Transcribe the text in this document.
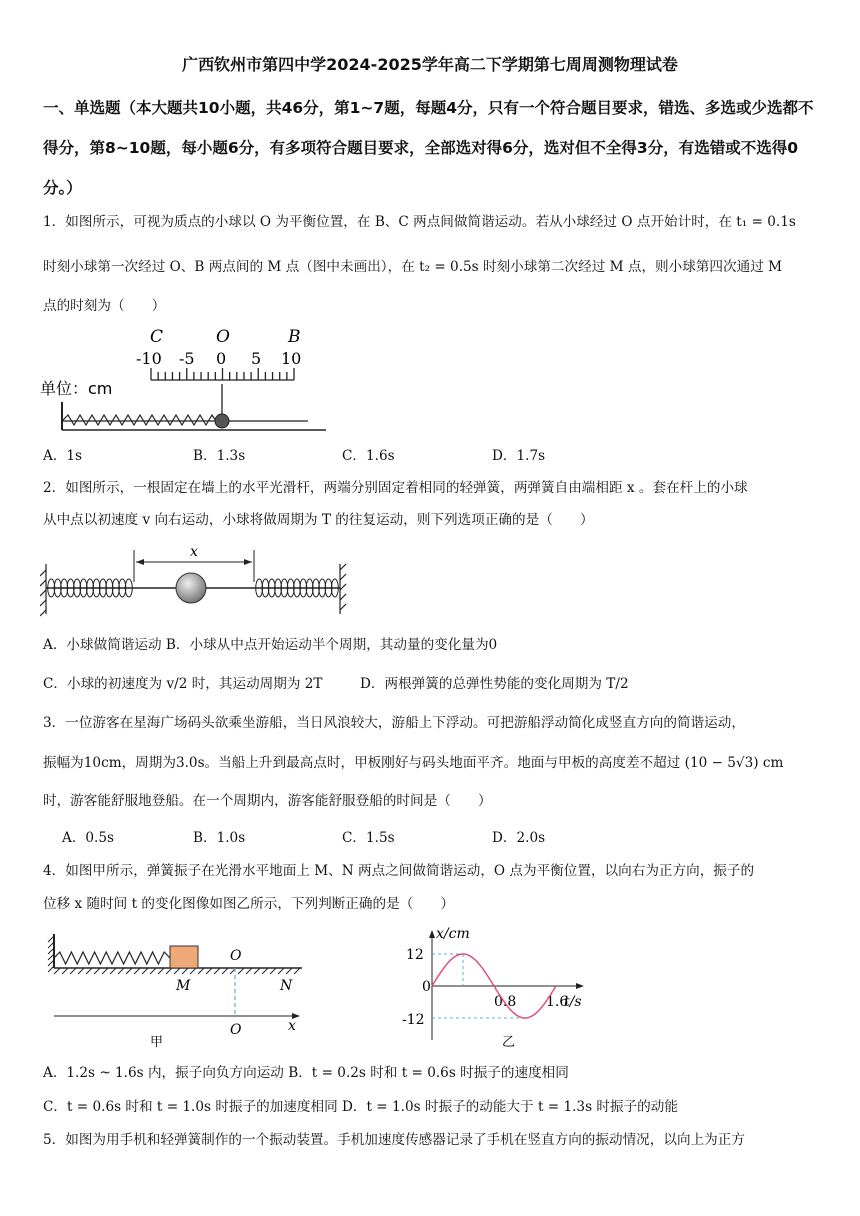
广西钦州市第四中学2024-2025学年高二下学期第七周周测物理试卷
一、单选题（本大题共10小题，共46分，第1~7题，每题4分，只有一个符合题目要求，错选、多选或少选都不得分，第8~10题，每小题6分，有多项符合题目要求，全部选对得6分，选对但不全得3分，有选错或不选得0分。）
1．如图所示，可视为质点的小球以 O 为平衡位置，在 B、C 两点间做简谐运动。若从小球经过 O 点开始计时，在 t₁ = 0.1s
时刻小球第一次经过 O、B 两点间的 M 点（图中未画出），在 t₂ = 0.5s 时刻小球第二次经过 M 点，则小球第四次通过 M
点的时刻为（　　）
C	O	B
-10 -5 0 5 10
单位：cm
A．1s	B．1.3s	C．1.6s	D．1.7s
2．如图所示，一根固定在墙上的水平光滑杆，两端分别固定着相同的轻弹簧，两弹簧自由端相距 x 。套在杆上的小球
从中点以初速度 v 向右运动，小球将做周期为 T 的往复运动，则下列选项正确的是（　　）
x
A．小球做简谐运动 B．小球从中点开始运动半个周期，其动量的变化量为0
C．小球的初速度为 v/2 时，其运动周期为 2T	D．两根弹簧的总弹性势能的变化周期为 T/2
3．一位游客在星海广场码头欲乘坐游船，当日风浪较大，游船上下浮动。可把游船浮动简化成竖直方向的简谐运动，
振幅为10cm，周期为3.0s。当船上升到最高点时，甲板刚好与码头地面平齐。地面与甲板的高度差不超过 (10 − 5√3) cm
时，游客能舒服地登船。在一个周期内，游客能舒服登船的时间是（　　）
A．0.5s	B．1.0s	C．1.5s	D．2.0s
4．如图甲所示，弹簧振子在光滑水平地面上 M、N 两点之间做简谐运动，O 点为平衡位置，以向右为正方向，振子的
位移 x 随时间 t 的变化图像如图乙所示，下列判断正确的是（　　）
O
M	N
x
O
甲
x/cm
t/s
12
0
-12
0.8 1.6
乙
A．1.2s ~ 1.6s 内，振子向负方向运动 B．t = 0.2s 时和 t = 0.6s 时振子的速度相同
C．t = 0.6s 时和 t = 1.0s 时振子的加速度相同 D．t = 1.0s 时振子的动能大于 t = 1.3s 时振子的动能
5．如图为用手机和轻弹簧制作的一个振动装置。手机加速度传感器记录了手机在竖直方向的振动情况，以向上为正方
